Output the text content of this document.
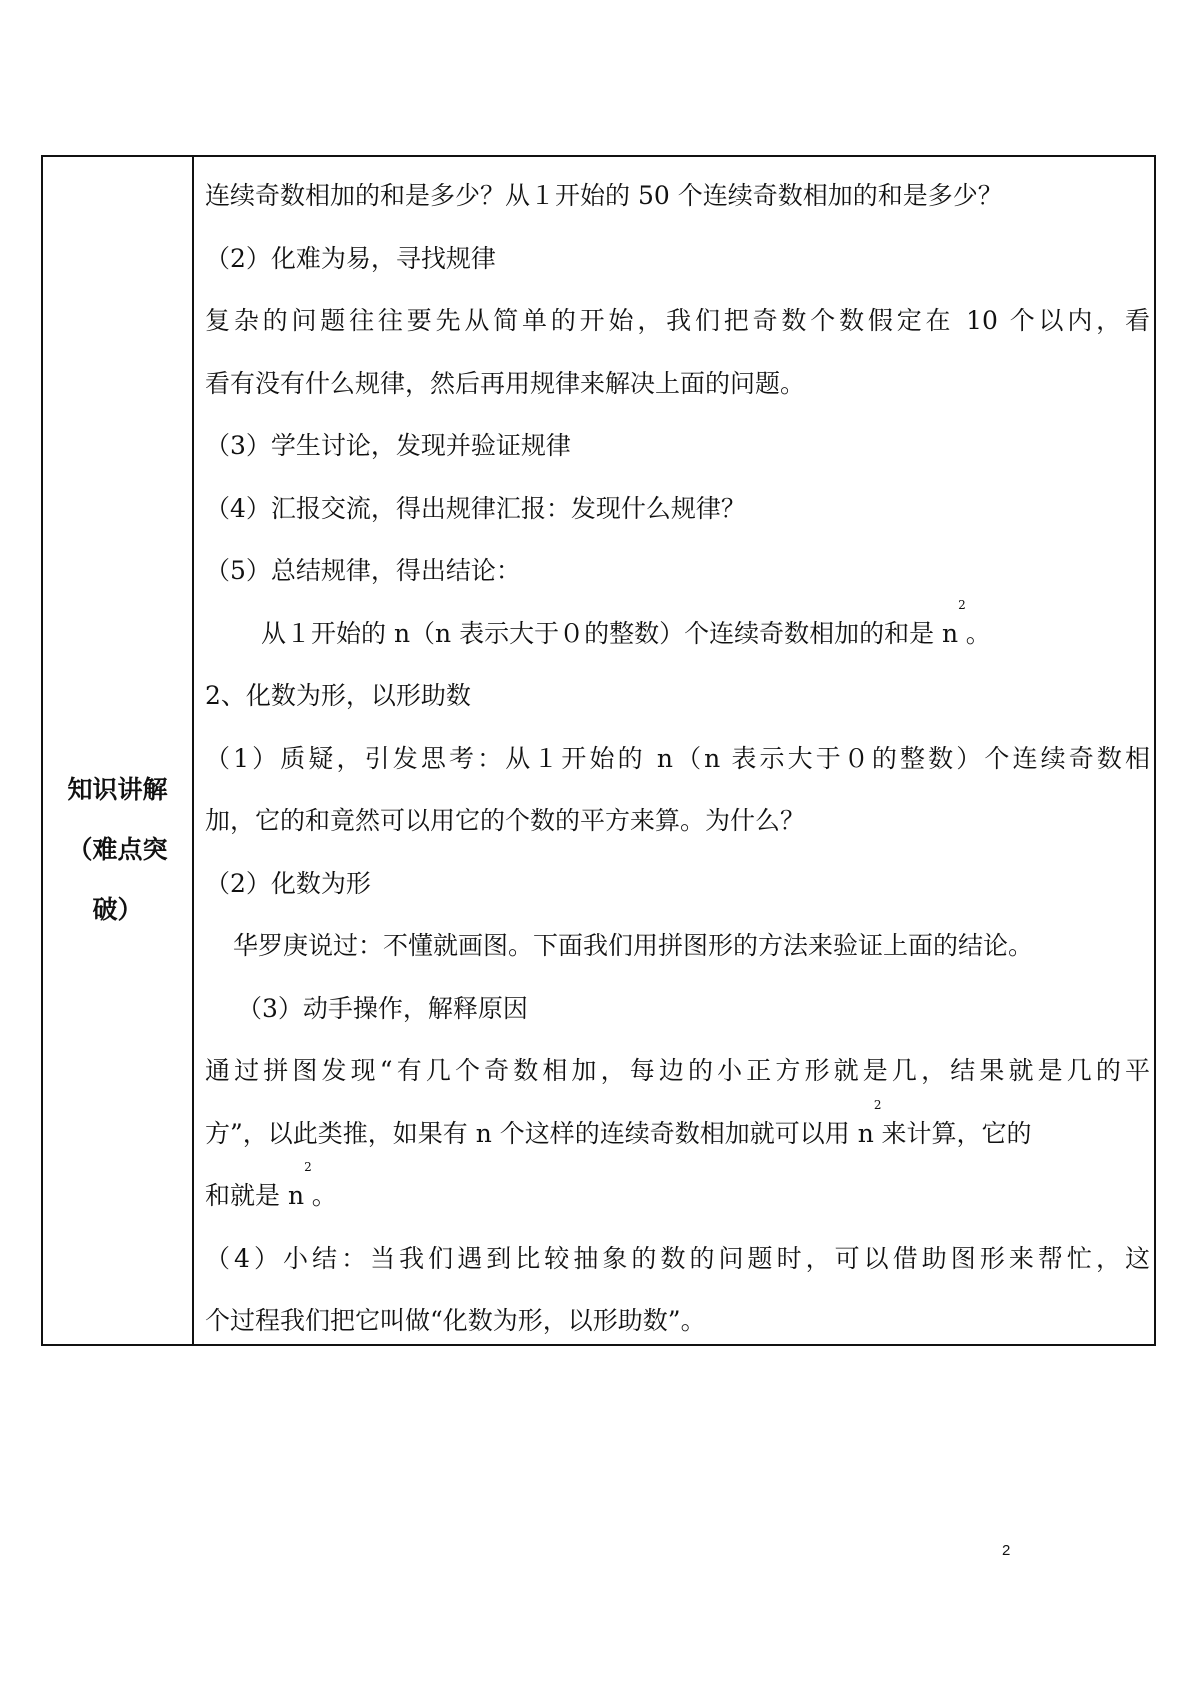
知识讲解
（难点突
破）
连续奇数相加的和是多少？从１开始的 50 个连续奇数相加的和是多少？
（2）化难为易，寻找规律
复杂的问题往往要先从简单的开始，我们把奇数个数假定在 10 个以内，看
看有没有什么规律，然后再用规律来解决上面的问题。
（3）学生讨论，发现并验证规律
（4）汇报交流，得出规律汇报：发现什么规律？
（5）总结规律，得出结论：
从１开始的 n（n 表示大于０的整数）个连续奇数相加的和是 $n^2$。
2、化数为形，以形助数
（1）质疑，引发思考：从１开始的 n（n 表示大于０的整数）个连续奇数相
加，它的和竟然可以用它的个数的平方来算。为什么？
（2）化数为形
华罗庚说过：不懂就画图。下面我们用拼图形的方法来验证上面的结论。
（3）动手操作，解释原因
通过拼图发现“有几个奇数相加，每边的小正方形就是几，结果就是几的平
方”，以此类推，如果有 n 个这样的连续奇数相加就可以用 $n^2$来计算，它的
和就是 $n^2$。
（4）小结：当我们遇到比较抽象的数的问题时，可以借助图形来帮忙，这
个过程我们把它叫做“化数为形，以形助数”。
2
